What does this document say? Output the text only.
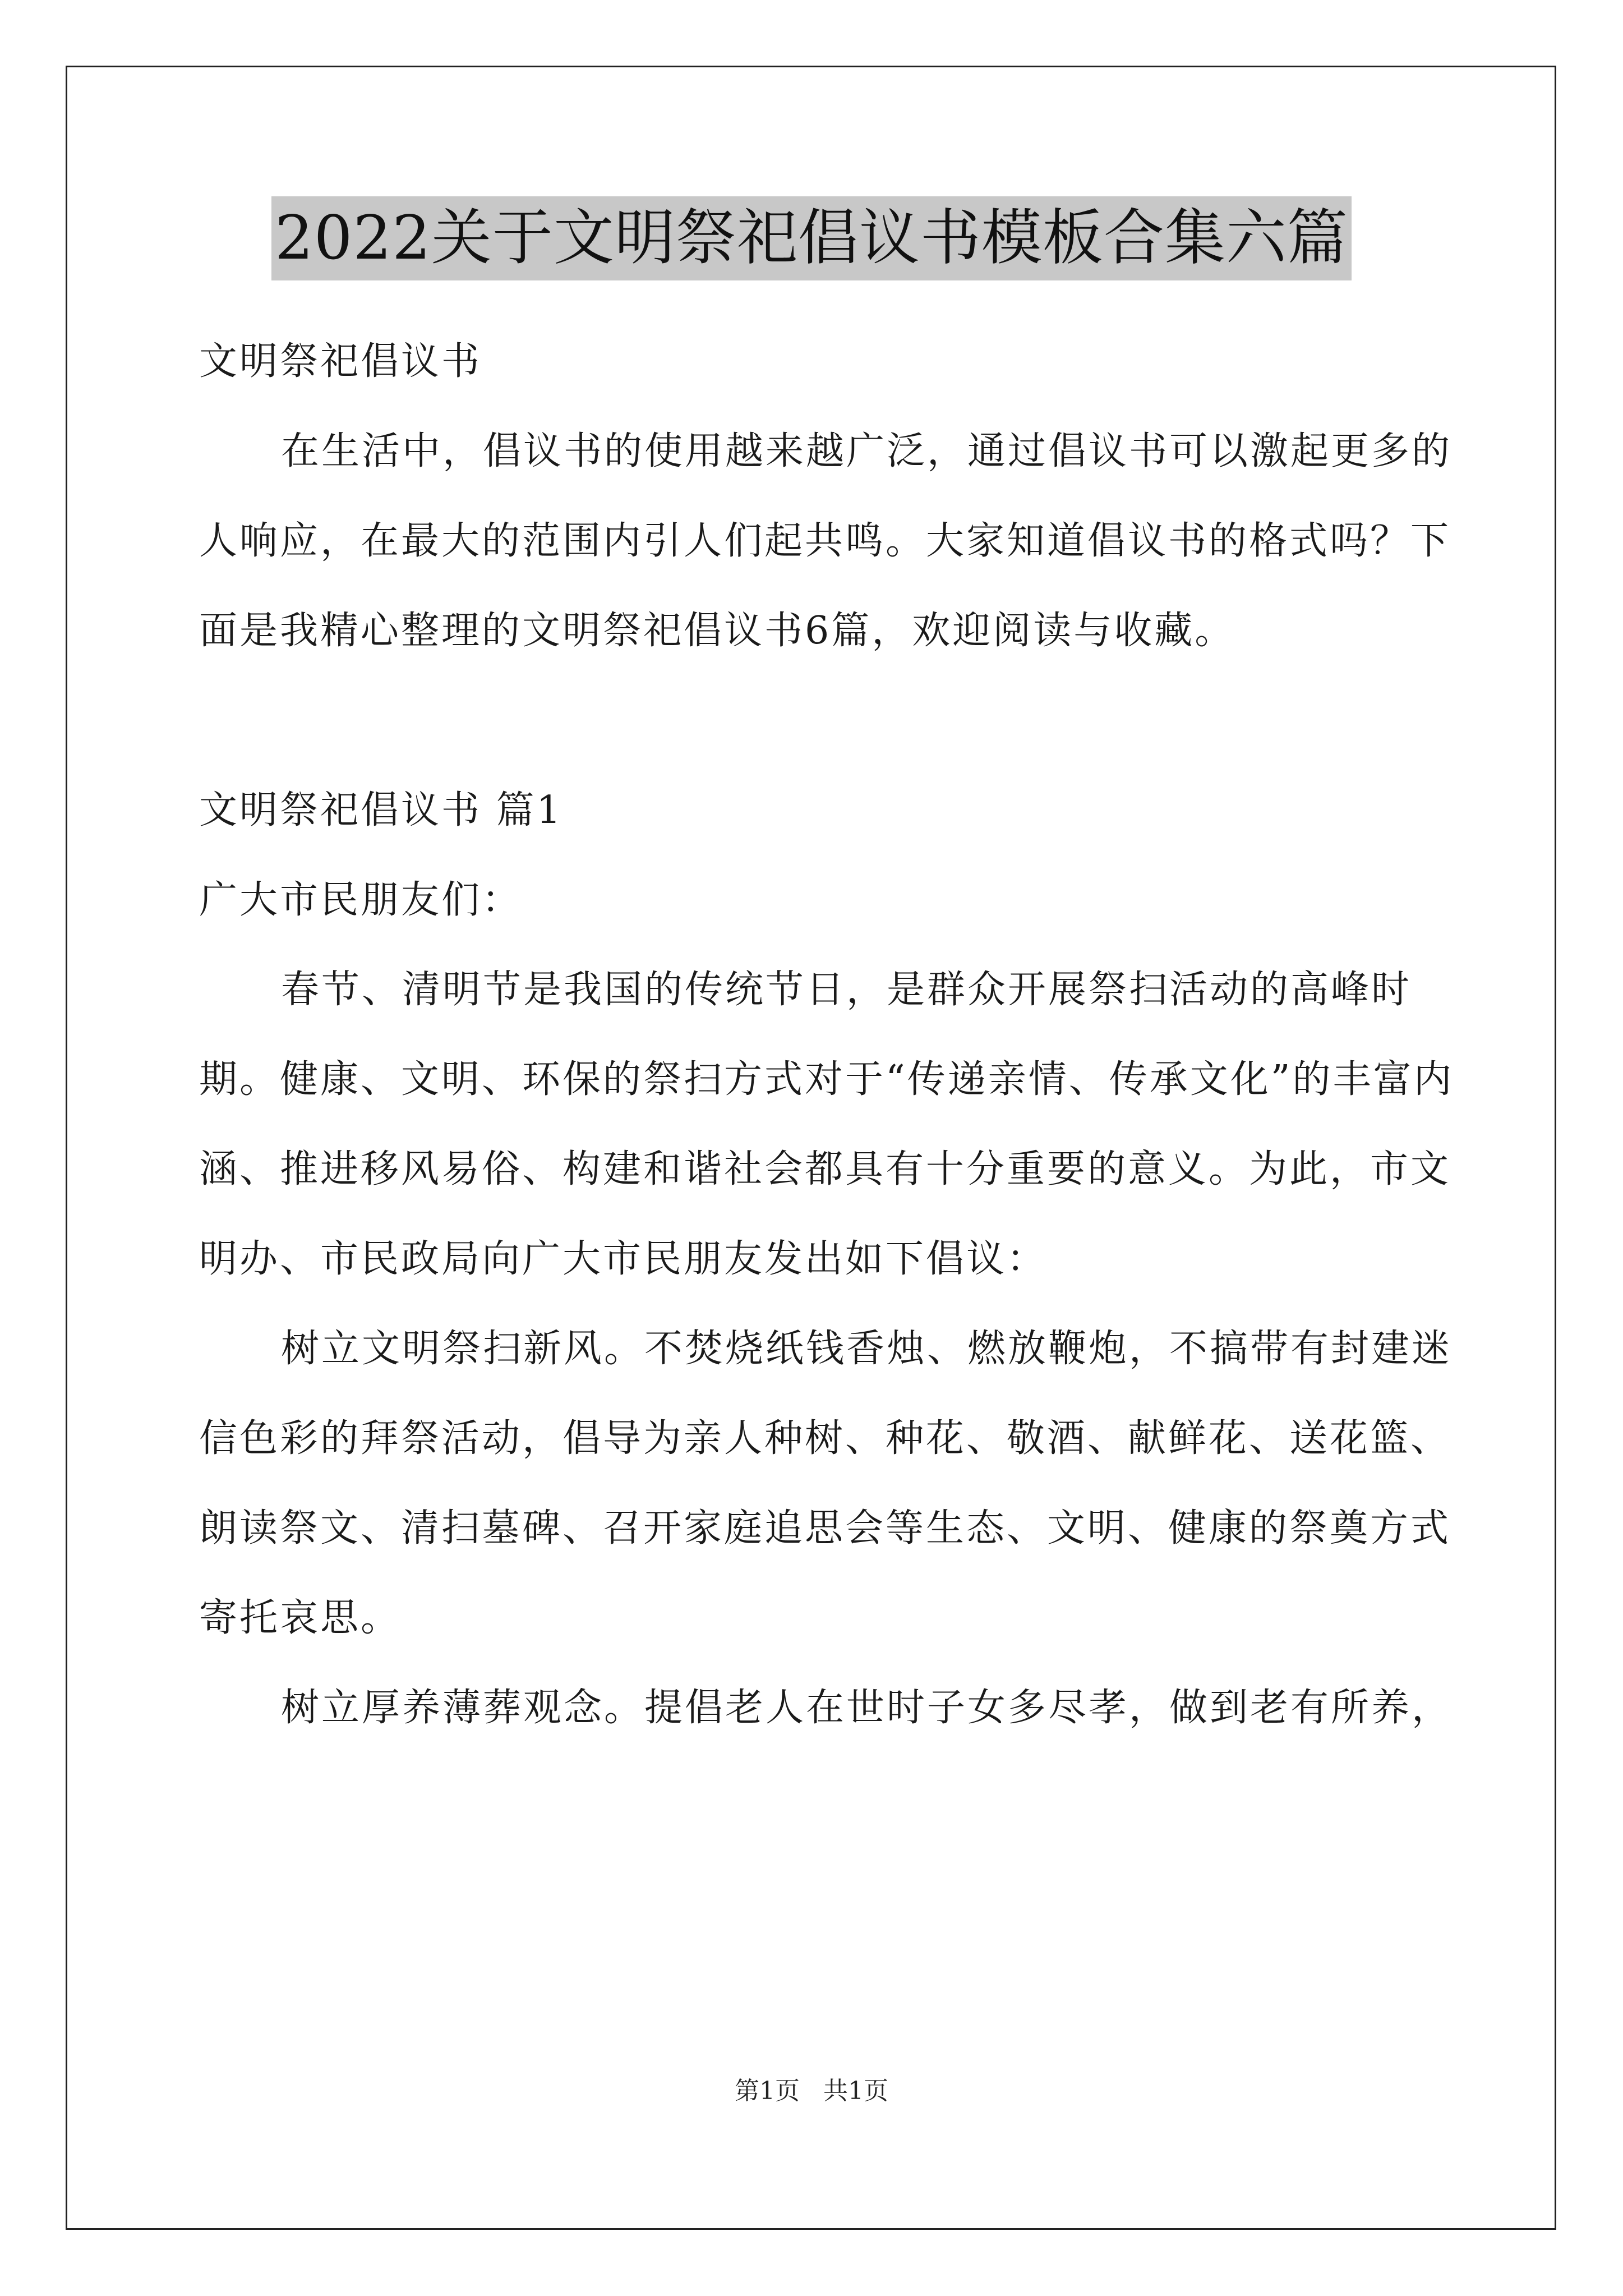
2022关于文明祭祀倡议书模板合集六篇

文明祭祀倡议书

在生活中，倡议书的使用越来越广泛，通过倡议书可以激起更多的人响应，在最大的范围内引人们起共鸣。大家知道倡议书的格式吗？下面是我精心整理的文明祭祀倡议书6篇，欢迎阅读与收藏。

文明祭祀倡议书 篇1

广大市民朋友们：

春节、清明节是我国的传统节日，是群众开展祭扫活动的高峰时期。健康、文明、环保的祭扫方式对于“传递亲情、传承文化”的丰富内涵、推进移风易俗、构建和谐社会都具有十分重要的意义。为此，市文明办、市民政局向广大市民朋友发出如下倡议：

树立文明祭扫新风。不焚烧纸钱香烛、燃放鞭炮，不搞带有封建迷信色彩的拜祭活动，倡导为亲人种树、种花、敬酒、献鲜花、送花篮、朗读祭文、清扫墓碑、召开家庭追思会等生态、文明、健康的祭奠方式寄托哀思。

树立厚养薄葬观念。提倡老人在世时子女多尽孝，做到老有所养，

第1页   共1页
